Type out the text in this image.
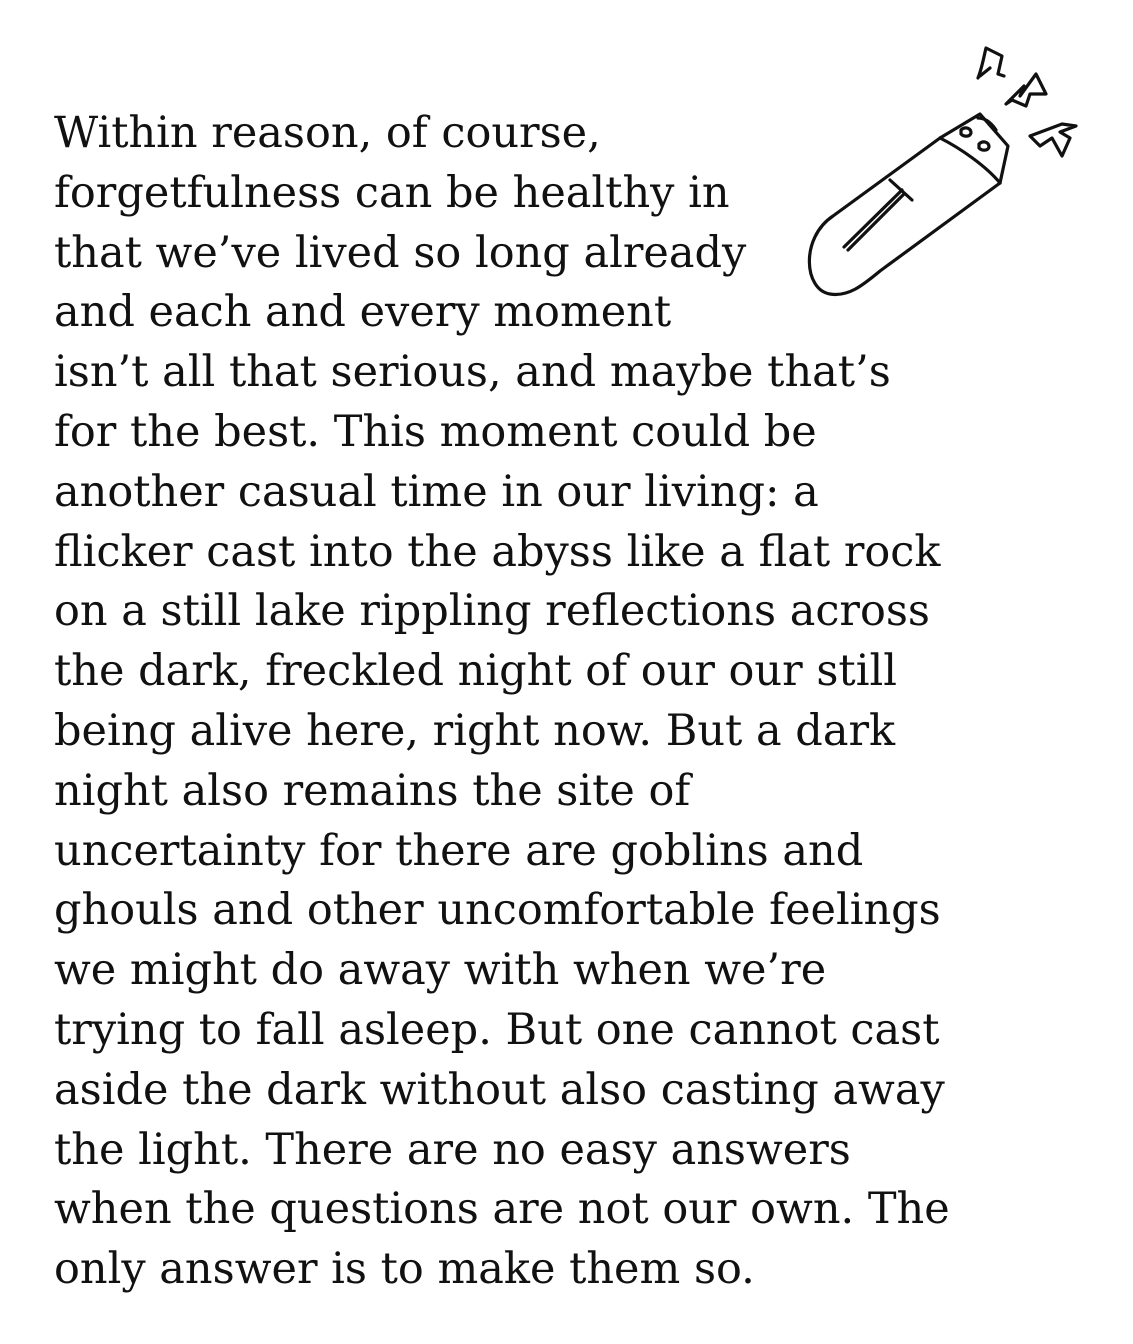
Within reason, of course,
forgetfulness can be healthy in
that we’ve lived so long already
and each and every moment
isn’t all that serious, and maybe that’s
for the best. This moment could be
another casual time in our living: a
flicker cast into the abyss like a flat rock
on a still lake rippling reflections across
the dark, freckled night of our our still
being alive here, right now. But a dark
night also remains the site of
uncertainty for there are goblins and
ghouls and other uncomfortable feelings
we might do away with when we’re
trying to fall asleep. But one cannot cast
aside the dark without also casting away
the light. There are no easy answers
when the questions are not our own. The
only answer is to make them so.
